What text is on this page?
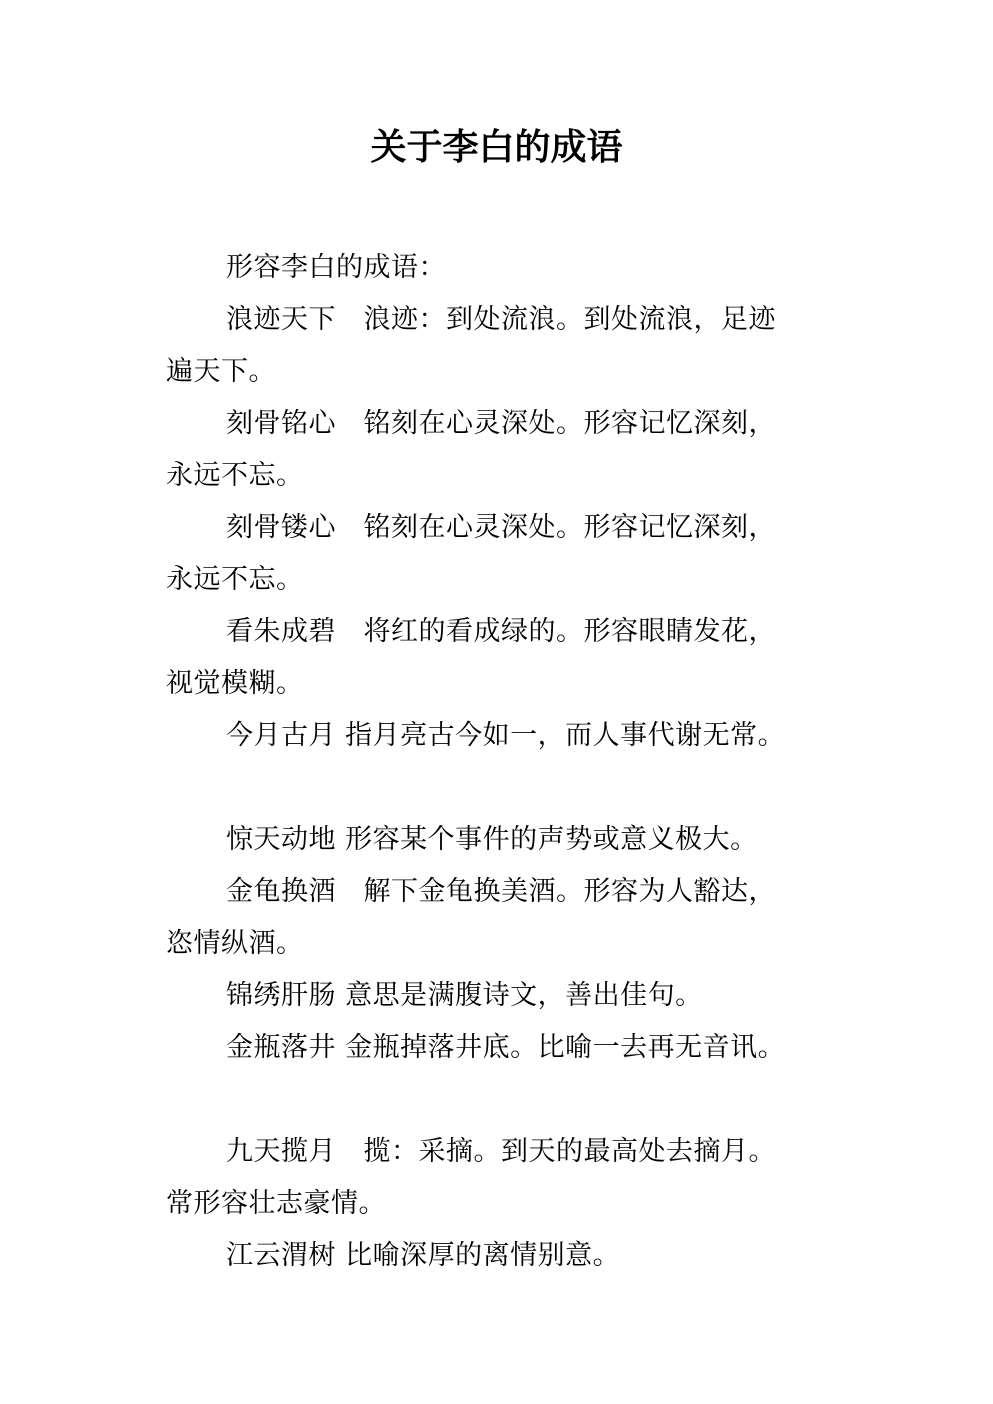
关于李白的成语

形容李白的成语：

浪迹天下　浪迹：到处流浪。到处流浪，足迹

遍天下。

刻骨铭心　铭刻在心灵深处。形容记忆深刻，

永远不忘。

刻骨镂心　铭刻在心灵深处。形容记忆深刻，

永远不忘。

看朱成碧　将红的看成绿的。形容眼睛发花，

视觉模糊。

今月古月 指月亮古今如一，而人事代谢无常。

惊天动地 形容某个事件的声势或意义极大。

金龟换酒　解下金龟换美酒。形容为人豁达，

恣情纵酒。

锦绣肝肠 意思是满腹诗文，善出佳句。

金瓶落井 金瓶掉落井底。比喻一去再无音讯。

九天揽月　揽：采摘。到天的最高处去摘月。

常形容壮志豪情。

江云渭树 比喻深厚的离情别意。
